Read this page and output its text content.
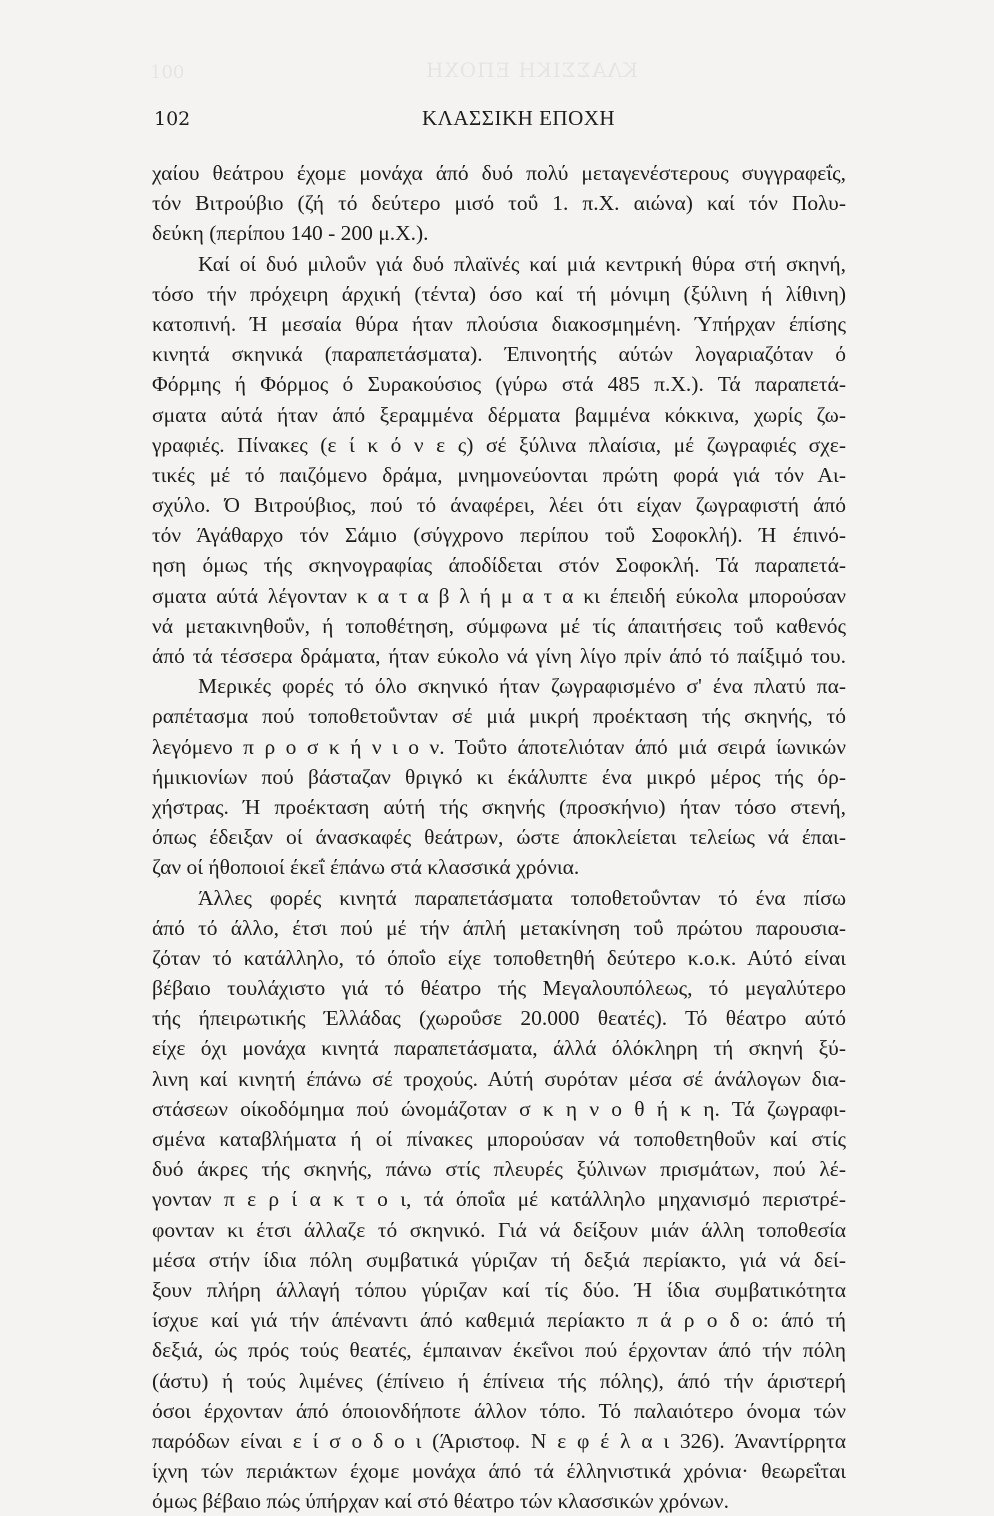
100	ΚΛΑΣΣΙΚΗ ΕΠΟΧΗ
102	ΚΛΑΣΣΙΚΗ ΕΠΟΧΗ
χαίου θεάτρου έχομε μονάχα άπό δυό πολύ μεταγενέστερους συγγραφεΐς,
τόν Βιτρούβιο (ζή τό δεύτερο μισό τοΰ 1. π.Χ. αιώνα) καί τόν Πολυ-
δεύκη (περίπου 140 - 200 μ.Χ.).
Καί οί δυό μιλοΰν γιά δυό πλαϊνές καί μιά κεντρική θύρα στή σκηνή,
τόσο τήν πρόχειρη άρχική (τέντα) όσο καί τή μόνιμη (ξύλινη ή λίθινη)
κατοπινή. Ή μεσαία θύρα ήταν πλούσια διακοσμημένη. Ύπήρχαν έπίσης
κινητά σκηνικά (παραπετάσματα). Έπινοητής αύτών λογαριαζόταν ό
Φόρμης ή Φόρμος ό Συρακούσιος (γύρω στά 485 π.Χ.). Τά παραπετά-
σματα αύτά ήταν άπό ξεραμμένα δέρματα βαμμένα κόκκινα, χωρίς ζω-
γραφιές. Πίνακες (ε ί κ ό ν ε ς) σέ ξύλινα πλαίσια, μέ ζωγραφιές σχε-
τικές μέ τό παιζόμενο δράμα, μνημονεύονται πρώτη φορά γιά τόν Αι-
σχύλο. Ό Βιτρούβιος, πού τό άναφέρει, λέει ότι είχαν ζωγραφιστή άπό
τόν Άγάθαρχο τόν Σάμιο (σύγχρονο περίπου τοΰ Σοφοκλή). Ή έπινό-
ηση όμως τής σκηνογραφίας άποδίδεται στόν Σοφοκλή. Τά παραπετά-
σματα αύτά λέγονταν κ α τ α β λ ή μ α τ α κι έπειδή εύκολα μπορούσαν
νά μετακινηθοΰν, ή τοποθέτηση, σύμφωνα μέ τίς άπαιτήσεις τοΰ καθενός
άπό τά τέσσερα δράματα, ήταν εύκολο νά γίνη λίγο πρίν άπό τό παίξιμό του.
Μερικές φορές τό όλο σκηνικό ήταν ζωγραφισμένο σ' ένα πλατύ πα-
ραπέτασμα πού τοποθετοΰνταν σέ μιά μικρή προέκταση τής σκηνής, τό
λεγόμενο π ρ ο σ κ ή ν ι ο ν. Τοΰτο άποτελιόταν άπό μιά σειρά ίωνικών
ήμικιονίων πού βάσταζαν θριγκό κι έκάλυπτε ένα μικρό μέρος τής όρ-
χήστρας. Ή προέκταση αύτή τής σκηνής (προσκήνιο) ήταν τόσο στενή,
όπως έδειξαν οί άνασκαφές θεάτρων, ώστε άποκλείεται τελείως νά έπαι-
ζαν οί ήθοποιοί έκεΐ έπάνω στά κλασσικά χρόνια.
Άλλες φορές κινητά παραπετάσματα τοποθετοΰνταν τό ένα πίσω
άπό τό άλλο, έτσι πού μέ τήν άπλή μετακίνηση τοΰ πρώτου παρουσια-
ζόταν τό κατάλληλο, τό όποΐο είχε τοποθετηθή δεύτερο κ.ο.κ. Αύτό είναι
βέβαιο τουλάχιστο γιά τό θέατρο τής Μεγαλουπόλεως, τό μεγαλύτερο
τής ήπειρωτικής Έλλάδας (χωροΰσε 20.000 θεατές). Τό θέατρο αύτό
είχε όχι μονάχα κινητά παραπετάσματα, άλλά όλόκληρη τή σκηνή ξύ-
λινη καί κινητή έπάνω σέ τροχούς. Αύτή συρόταν μέσα σέ άνάλογων δια-
στάσεων οίκοδόμημα πού ώνομάζοταν σ κ η ν ο θ ή κ η. Τά ζωγραφι-
σμένα καταβλήματα ή οί πίνακες μπορούσαν νά τοποθετηθοΰν καί στίς
δυό άκρες τής σκηνής, πάνω στίς πλευρές ξύλινων πρισμάτων, πού λέ-
γονταν π ε ρ ί α κ τ ο ι, τά όποΐα μέ κατάλληλο μηχανισμό περιστρέ-
φονταν κι έτσι άλλαζε τό σκηνικό. Γιά νά δείξουν μιάν άλλη τοποθεσία
μέσα στήν ίδια πόλη συμβατικά γύριζαν τή δεξιά περίακτο, γιά νά δεί-
ξουν πλήρη άλλαγή τόπου γύριζαν καί τίς δύο. Ή ίδια συμβατικότητα
ίσχυε καί γιά τήν άπέναντι άπό καθεμιά περίακτο π ά ρ ο δ ο: άπό τή
δεξιά, ώς πρός τούς θεατές, έμπαιναν έκεΐνοι πού έρχονταν άπό τήν πόλη
(άστυ) ή τούς λιμένες (έπίνειο ή έπίνεια τής πόλης), άπό τήν άριστερή
όσοι έρχονταν άπό όποιονδήποτε άλλον τόπο. Τό παλαιότερο όνομα τών
παρόδων είναι ε ί σ ο δ ο ι (Άριστοφ. Ν ε φ έ λ α ι 326). Άναντίρρητα
ίχνη τών περιάκτων έχομε μονάχα άπό τά έλληνιστικά χρόνια· θεωρεΐται
όμως βέβαιο πώς ύπήρχαν καί στό θέατρο τών κλασσικών χρόνων.
